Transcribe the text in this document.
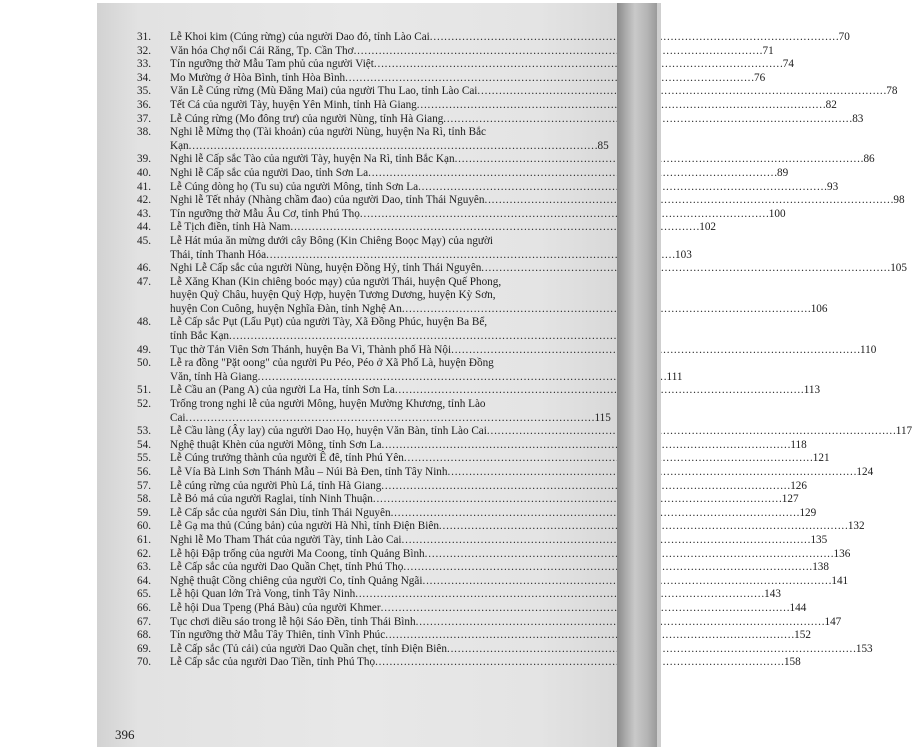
31.	Lễ Khoi kim (Cúng rừng) của người Dao đỏ, tỉnh Lào Cai . . .	70
32.	Văn hóa Chợ nổi Cái Răng, Tp. Cần Thơ . . .	71
33.	Tín ngưỡng thờ Mẫu Tam phủ của người Việt . . .	74
34.	Mo Mường ở Hòa Bình, tỉnh Hòa Bình . . .	76
35.	Văn Lễ Cúng rừng (Mù Đăng Mai) của người Thu Lao, tỉnh Lào Cai . . .	78
36.	Tết Cá của người Tày, huyện Yên Minh, tỉnh Hà Giang . . .	82
37.	Lễ Cúng rừng (Mo đông trư) của người Nùng, tỉnh Hà Giang . . .	83
38.	Nghi lễ Mừng thọ (Tài khoản) của người Nùng, huyện Na Rì, tỉnh Bắc
Kạn . . .	85
39.	Nghi lễ Cấp sắc Tào của người Tày, huyện Na Rì, tỉnh Bắc Kạn . . .	86
40.	Nghi lễ Cấp sắc của người Dao, tỉnh Sơn La . . .	89
41.	Lễ Cúng dòng họ (Tu su) của người Mông, tỉnh Sơn La . . .	93
42.	Nghi lễ Tết nhảy (Nhàng chầm đao) của người Dao, tỉnh Thái Nguyên . . .	98
43.	Tín ngưỡng thờ Mẫu Âu Cơ, tỉnh Phú Thọ . . .	100
44.	Lễ Tịch điền, tỉnh Hà Nam . . .	102
45.	Lễ Hát múa ăn mừng dưới cây Bông (Kin Chiêng Boọc Mạy) của người
Thái, tỉnh Thanh Hóa . . .	103
46.	Nghi Lễ Cấp sắc của người Nùng, huyện Đồng Hỷ, tỉnh Thái Nguyên . . .	105
47.	Lễ Xăng Khan (Kin chiêng boóc mạy) của người Thái, huyện Quế Phong,
huyện Quỳ Châu, huyện Quỳ Hợp, huyện Tương Dương, huyện Kỳ Sơn,
huyện Con Cuông, huyện Nghĩa Đàn, tỉnh Nghệ An . . .	106
48.	Lễ Cấp sắc Pụt (Lẩu Pụt) của người Tày, Xã Đồng Phúc, huyện Ba Bể,
tỉnh Bắc Kạn
. . .
49.	Tục thờ Tản Viên Sơn Thánh, huyện Ba Vì, Thành phố Hà Nội . . .	110
50.	Lễ ra đồng "Pặt oong" của người Pu Péo, Péo ở Xã Phố Là, huyện Đồng
Văn, tỉnh Hà Giang . . .	111
51.	Lễ Cầu an (Pang A) của người La Ha, tỉnh Sơn La . . .	113
52.	Trống trong nghi lễ của người Mông, huyện Mường Khương, tỉnh Lào
Cai . . .	115
53.	Lễ Cầu làng (Ây lay) của người Dao Họ, huyện Văn Bàn, tỉnh Lào Cai . . .	117
54.	Nghệ thuật Khèn của người Mông, tỉnh Sơn La . . .	118
55.	Lễ Cúng trưởng thành của người Ê đê, tỉnh Phú Yên . . .	121
56.	Lễ Vía Bà Linh Sơn Thánh Mẫu – Núi Bà Đen, tỉnh Tây Ninh . . .	124
57.	Lễ cúng rừng của người Phù Lá, tỉnh Hà Giang . . .	126
58.	Lễ Bỏ mả của người Raglai, tỉnh Ninh Thuận . . .	127
59.	Lễ Cấp sắc của người Sán Dìu, tỉnh Thái Nguyên . . .	129
60.	Lễ Gạ ma thủ (Cúng bản) của người Hà Nhì, tỉnh Điện Biên . . .	132
61.	Nghi lễ Mo Tham Thát của người Tày, tỉnh Lào Cai . . .	135
62.	Lễ hội Đập trống của người Ma Coong, tỉnh Quảng Bình . . .	136
63.	Lễ Cấp sắc của người Dao Quần Chẹt, tỉnh Phú Thọ . . .	138
64.	Nghệ thuật Cồng chiêng của người Co, tỉnh Quảng Ngãi . . .	141
65.	Lễ hội Quan lớn Trà Vong, tỉnh Tây Ninh . . .	143
66.	Lễ hội Dua Tpeng (Phá Bàu) của người Khmer . . .	144
67.	Tục chơi diều sáo trong lễ hội Sáo Đền, tỉnh Thái Bình . . .	147
68.	Tín ngưỡng thờ Mẫu Tây Thiên, tỉnh Vĩnh Phúc . . .	152
69.	Lễ Cấp sắc (Tủ cải) của người Dao Quần chẹt, tỉnh Điện Biên . . .	153
70.	Lễ Cấp sắc của người Dao Tiền, tỉnh Phú Thọ . . .	158
396
